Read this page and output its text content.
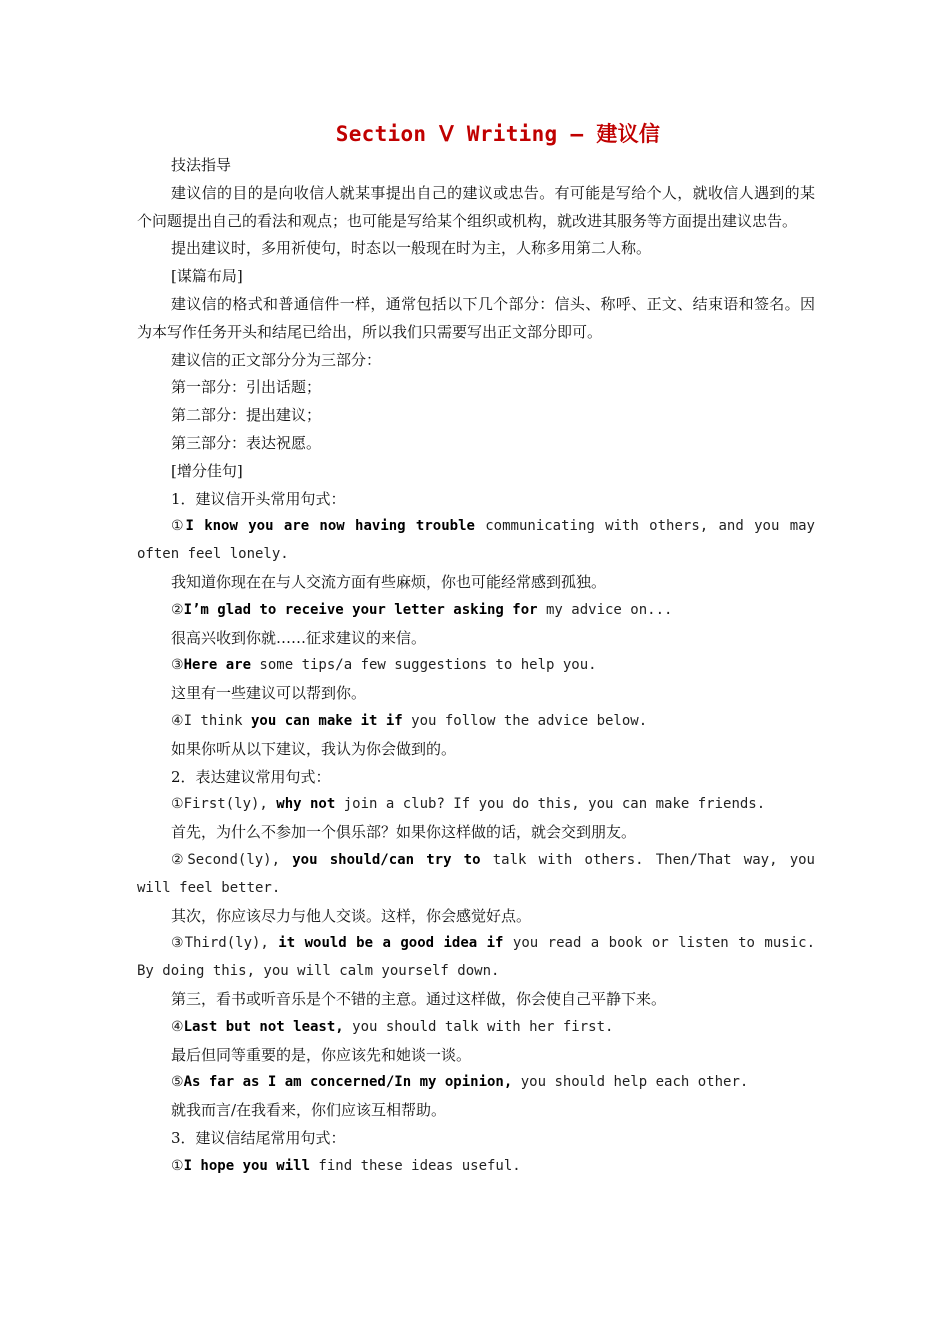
Section Ⅴ Writing — 建议信

技法指导

建议信的目的是向收信人就某事提出自己的建议或忠告。有可能是写给个人，就收信人遇到的某个问题提出自己的看法和观点；也可能是写给某个组织或机构，就改进其服务等方面提出建议忠告。

提出建议时，多用祈使句，时态以一般现在时为主，人称多用第二人称。

[谋篇布局]

建议信的格式和普通信件一样，通常包括以下几个部分：信头、称呼、正文、结束语和签名。因为本写作任务开头和结尾已给出，所以我们只需要写出正文部分即可。

建议信的正文部分分为三部分：

第一部分：引出话题；

第二部分：提出建议；

第三部分：表达祝愿。

[增分佳句]

1．建议信开头常用句式：

①I know you are now having trouble communicating with others, and you may often feel lonely.

我知道你现在在与人交流方面有些麻烦，你也可能经常感到孤独。

②I’m glad to receive your letter asking for my advice on...

很高兴收到你就……征求建议的来信。

③Here are some tips/a few suggestions to help you.

这里有一些建议可以帮到你。

④I think you can make it if you follow the advice below.

如果你听从以下建议，我认为你会做到的。

2．表达建议常用句式：

①First(ly), why not join a club? If you do this, you can make friends.

首先，为什么不参加一个俱乐部？如果你这样做的话，就会交到朋友。

②Second(ly), you should/can try to talk with others. Then/That way, you will feel better.

其次，你应该尽力与他人交谈。这样，你会感觉好点。

③Third(ly), it would be a good idea if you read a book or listen to music. By doing this, you will calm yourself down.

第三，看书或听音乐是个不错的主意。通过这样做，你会使自己平静下来。

④Last but not least, you should talk with her first.

最后但同等重要的是，你应该先和她谈一谈。

⑤As far as I am concerned/In my opinion, you should help each other.

就我而言/在我看来，你们应该互相帮助。

3．建议信结尾常用句式：

①I hope you will find these ideas useful.
